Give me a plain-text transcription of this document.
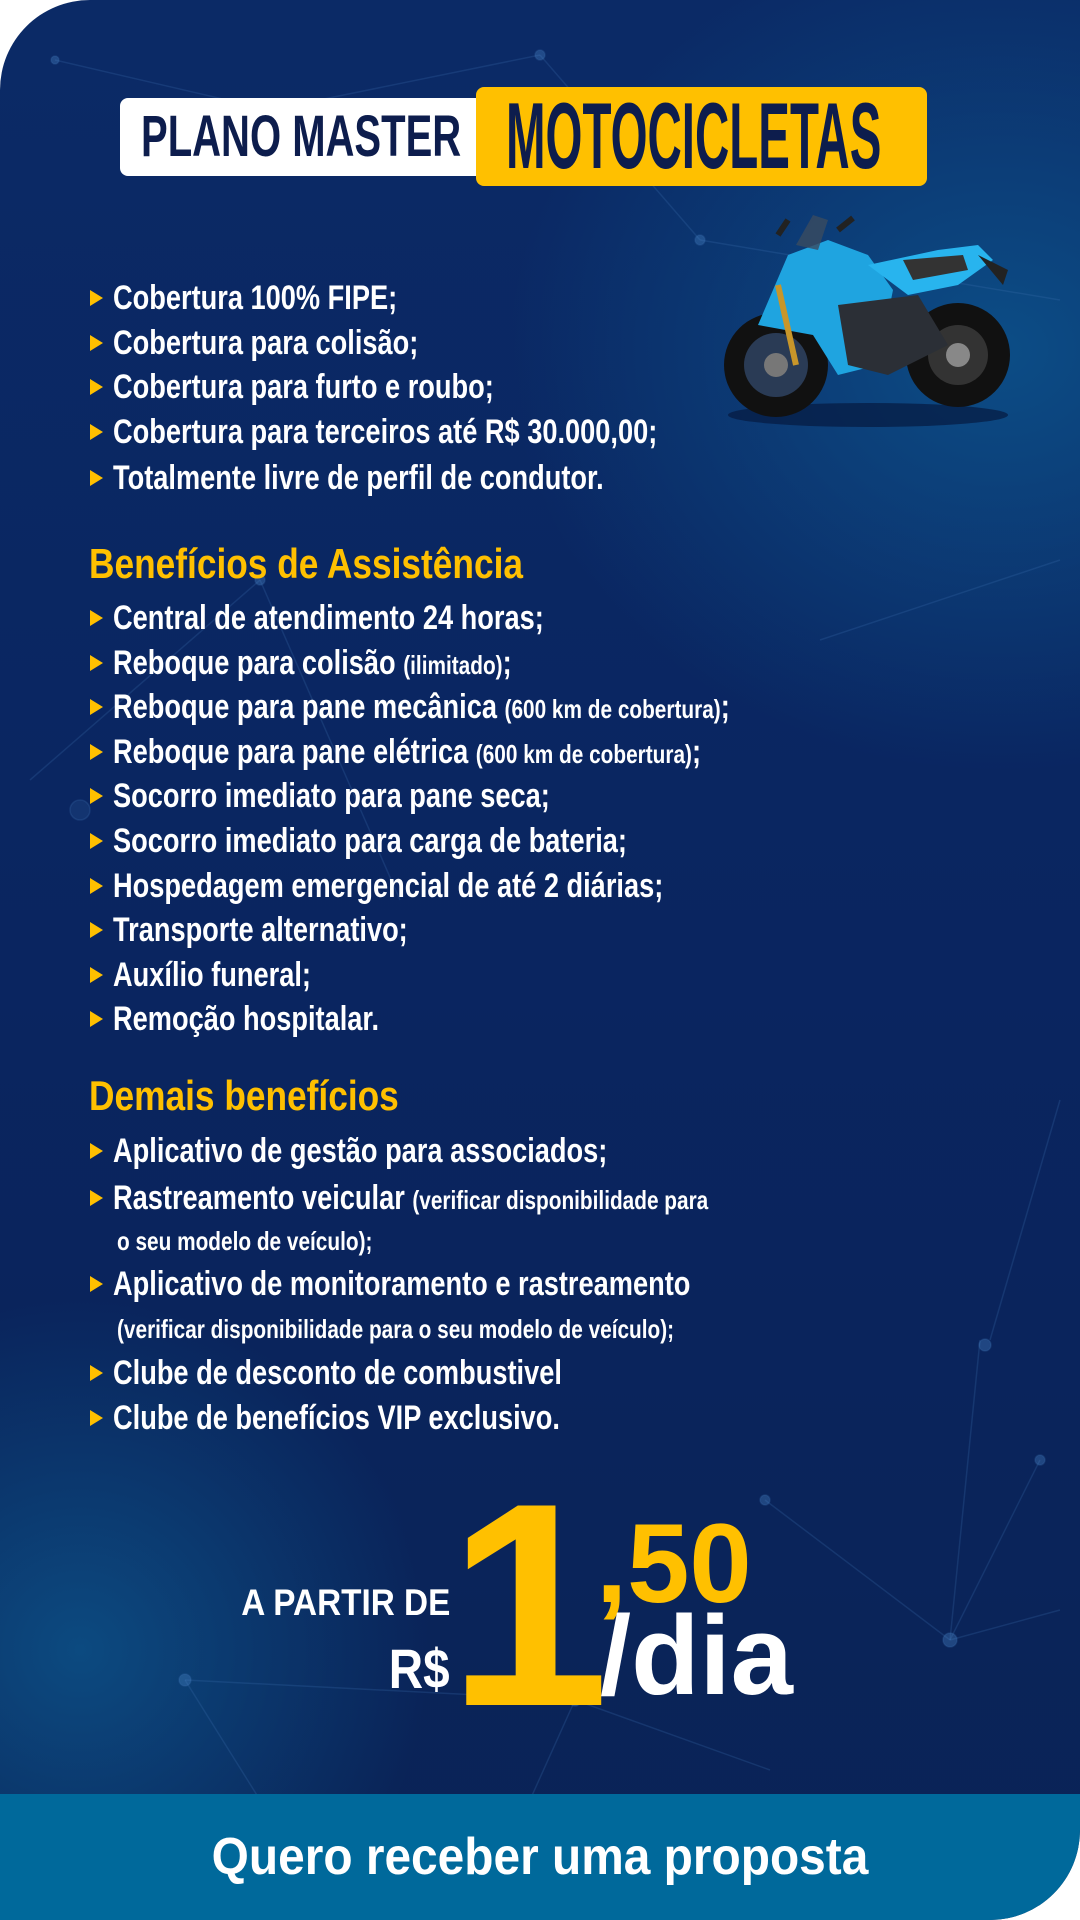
PLANO MASTER MOTOCICLETAS
Cobertura 100% FIPE;
Cobertura para colisão;
Cobertura para furto e roubo;
Cobertura para terceiros até R$ 30.000,00;
Totalmente livre de perfil de condutor.
Benefícios de Assistência
Central de atendimento 24 horas;
Reboque para colisão (ilimitado);
Reboque para pane mecânica (600 km de cobertura);
Reboque para pane elétrica (600 km de cobertura);
Socorro imediato para pane seca;
Socorro imediato para carga de bateria;
Hospedagem emergencial de até 2 diárias;
Transporte alternativo;
Auxílio funeral;
Remoção hospitalar.
Demais benefícios
Aplicativo de gestão para associados;
Rastreamento veicular (verificar disponibilidade para
o seu modelo de veículo);
Aplicativo de monitoramento e rastreamento
(verificar disponibilidade para o seu modelo de veículo);
Clube de desconto de combustivel
Clube de benefícios VIP exclusivo.
A PARTIR DE
R$
1
,50
/dia
Quero receber uma proposta
